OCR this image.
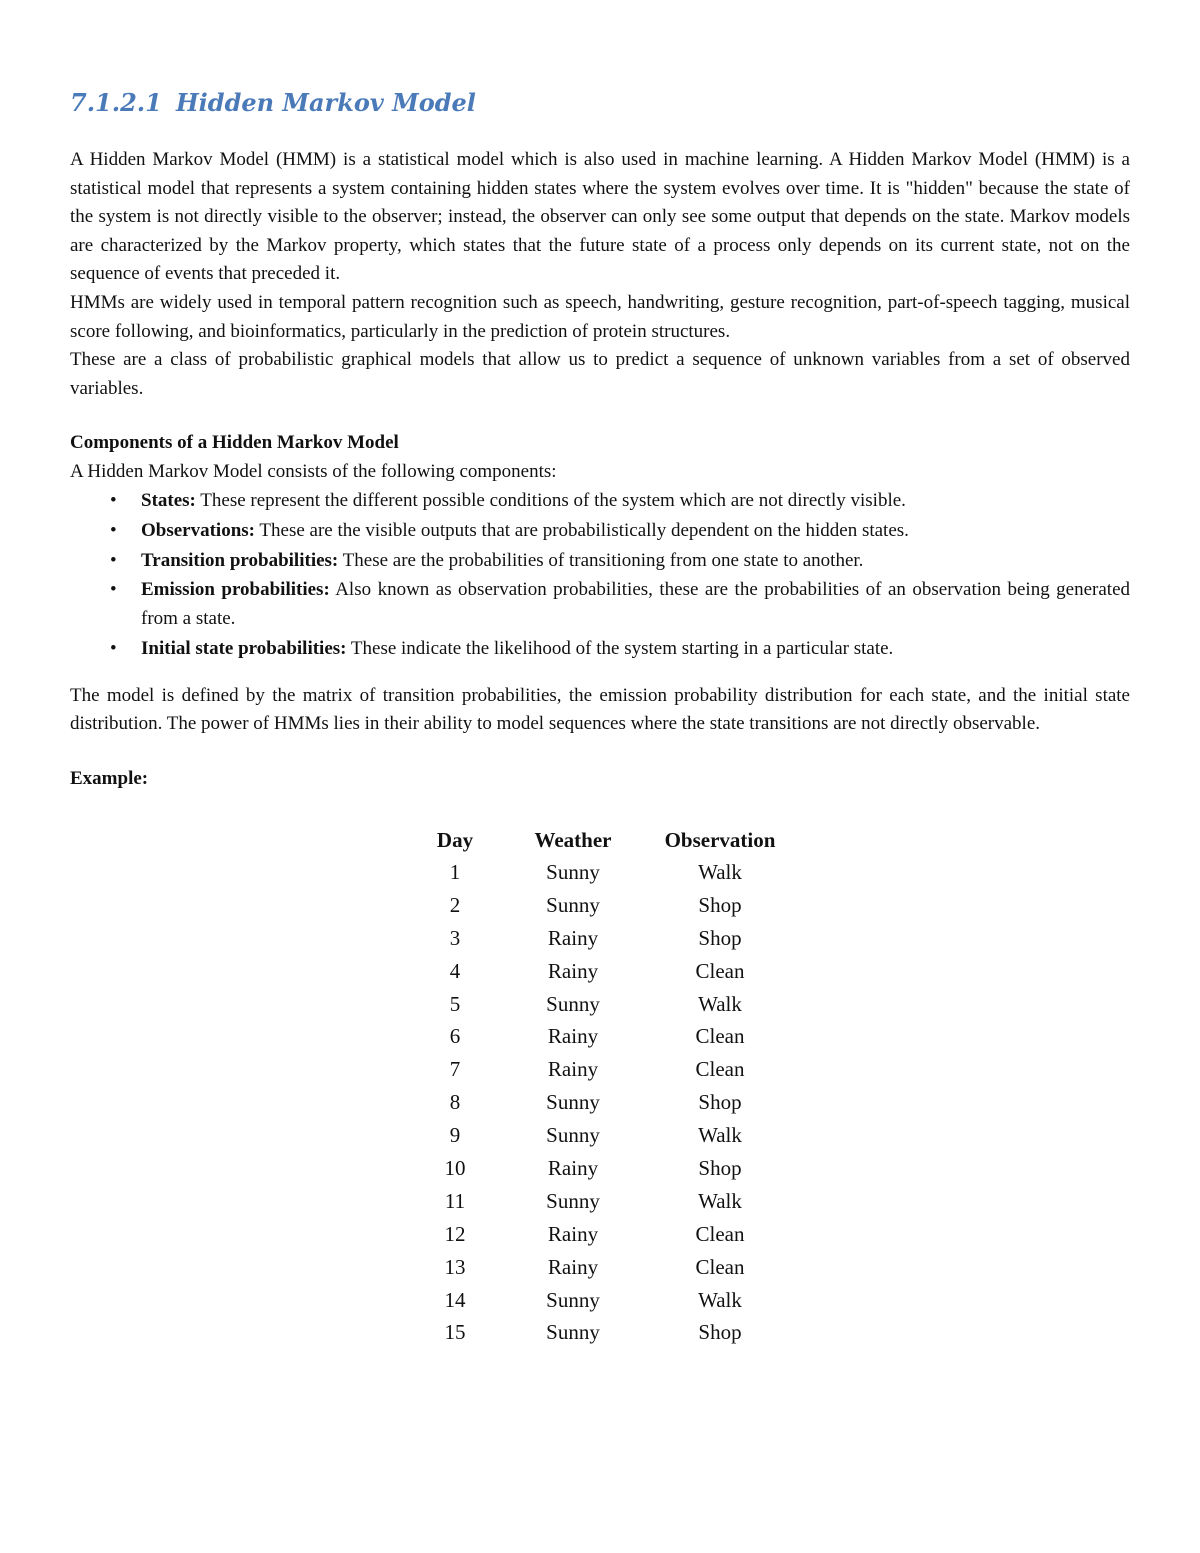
7.1.2.1 Hidden Markov Model

A Hidden Markov Model (HMM) is a statistical model which is also used in machine learning. A Hidden Markov Model (HMM) is a statistical model that represents a system containing hidden states where the system evolves over time. It is "hidden" because the state of the system is not directly visible to the observer; instead, the observer can only see some output that depends on the state. Markov models are characterized by the Markov property, which states that the future state of a process only depends on its current state, not on the sequence of events that preceded it.

HMMs are widely used in temporal pattern recognition such as speech, handwriting, gesture recognition, part-of-speech tagging, musical score following, and bioinformatics, particularly in the prediction of protein structures.

These are a class of probabilistic graphical models that allow us to predict a sequence of unknown variables from a set of observed variables.

Components of a Hidden Markov Model

A Hidden Markov Model consists of the following components:

• States: These represent the different possible conditions of the system which are not directly visible.
• Observations: These are the visible outputs that are probabilistically dependent on the hidden states.
• Transition probabilities: These are the probabilities of transitioning from one state to another.
• Emission probabilities: Also known as observation probabilities, these are the probabilities of an observation being generated from a state.
• Initial state probabilities: These indicate the likelihood of the system starting in a particular state.

The model is defined by the matrix of transition probabilities, the emission probability distribution for each state, and the initial state distribution. The power of HMMs lies in their ability to model sequences where the state transitions are not directly observable.

Example:

Day	Weather	Observation
1	Sunny	Walk
2	Sunny	Shop
3	Rainy	Shop
4	Rainy	Clean
5	Sunny	Walk
6	Rainy	Clean
7	Rainy	Clean
8	Sunny	Shop
9	Sunny	Walk
10	Rainy	Shop
11	Sunny	Walk
12	Rainy	Clean
13	Rainy	Clean
14	Sunny	Walk
15	Sunny	Shop
